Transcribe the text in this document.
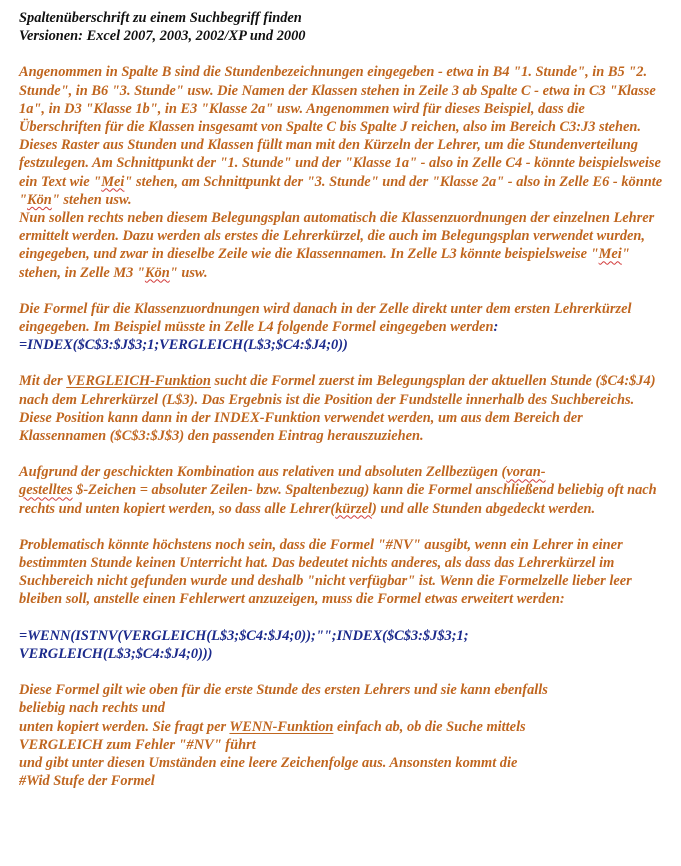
Spaltenüberschrift zu einem Suchbegriff finden

Versionen: Excel 2007, 2003, 2002/XP und 2000

Angenommen in Spalte B sind die Stundenbezeichnungen eingegeben - etwa in B4 "1. Stunde", in B5 "2. Stunde", in B6 "3. Stunde" usw. Die Namen der Klassen stehen in Zeile 3 ab Spalte C - etwa in C3 "Klasse 1a", in D3 "Klasse 1b", in E3 "Klasse 2a" usw. Angenommen wird für dieses Beispiel, dass die Überschriften für die Klassen insgesamt von Spalte C bis Spalte J reichen, also im Bereich C3:J3 stehen.

Dieses Raster aus Stunden und Klassen füllt man mit den Kürzeln der Lehrer, um die Stundenverteilung festzulegen. Am Schnittpunkt der "1. Stunde" und der "Klasse 1a" - also in Zelle C4 - könnte beispielsweise ein Text wie "Mei" stehen, am Schnittpunkt der "3. Stunde" und der "Klasse 2a" - also in Zelle E6 - könnte "Kön" stehen usw.

Nun sollen rechts neben diesem Belegungsplan automatisch die Klassenzuordnungen der einzelnen Lehrer ermittelt werden. Dazu werden als erstes die Lehrerkürzel, die auch im Belegungsplan verwendet wurden, eingegeben, und zwar in dieselbe Zeile wie die Klassennamen. In Zelle L3 könnte beispielsweise "Mei" stehen, in Zelle M3 "Kön" usw.

Die Formel für die Klassenzuordnungen wird danach in der Zelle direkt unter dem ersten Lehrerkürzel eingegeben. Im Beispiel müsste in Zelle L4 folgende Formel eingegeben werden: =INDEX($C$3:$J$3;1;VERGLEICH(L$3;$C4:$J4;0))

Mit der VERGLEICH-Funktion sucht die Formel zuerst im Belegungsplan der aktuellen Stunde ($C4:$J4) nach dem Lehrerkürzel (L$3). Das Ergebnis ist die Position der Fundstelle innerhalb des Suchbereichs. Diese Position kann dann in der INDEX-Funktion verwendet werden, um aus dem Bereich der Klassennamen ($C$3:$J$3) den passenden Eintrag herauszuziehen.

Aufgrund der geschickten Kombination aus relativen und absoluten Zellbezügen (voran-
gestelltes $-Zeichen = absoluter Zeilen- bzw. Spaltenbezug) kann die Formel anschließend beliebig oft nach rechts und unten kopiert werden, so dass alle Lehrer(kürzel) und alle Stunden abgedeckt werden.

Problematisch könnte höchstens noch sein, dass die Formel "#NV" ausgibt, wenn ein Lehrer in einer bestimmten Stunde keinen Unterricht hat. Das bedeutet nichts anderes, als dass das Lehrerkürzel im Suchbereich nicht gefunden wurde und deshalb "nicht verfügbar" ist. Wenn die Formelzelle lieber leer bleiben soll, anstelle einen Fehlerwert anzuzeigen, muss die Formel etwas erweitert werden:

=WENN(ISTNV(VERGLEICH(L$3;$C4:$J4;0));"";INDEX($C$3:$J$3;1;

VERGLEICH(L$3;$C4:$J4;0)))

Diese Formel gilt wie oben für die erste Stunde des ersten Lehrers und sie kann ebenfalls

beliebig nach rechts und

unten kopiert werden. Sie fragt per WENN-Funktion einfach ab, ob die Suche mittels

VERGLEICH zum Fehler "#NV" führt

und gibt unter diesen Umständen eine leere Zeichenfolge aus. Ansonsten kommt die

#Wid Stufe der Formel
